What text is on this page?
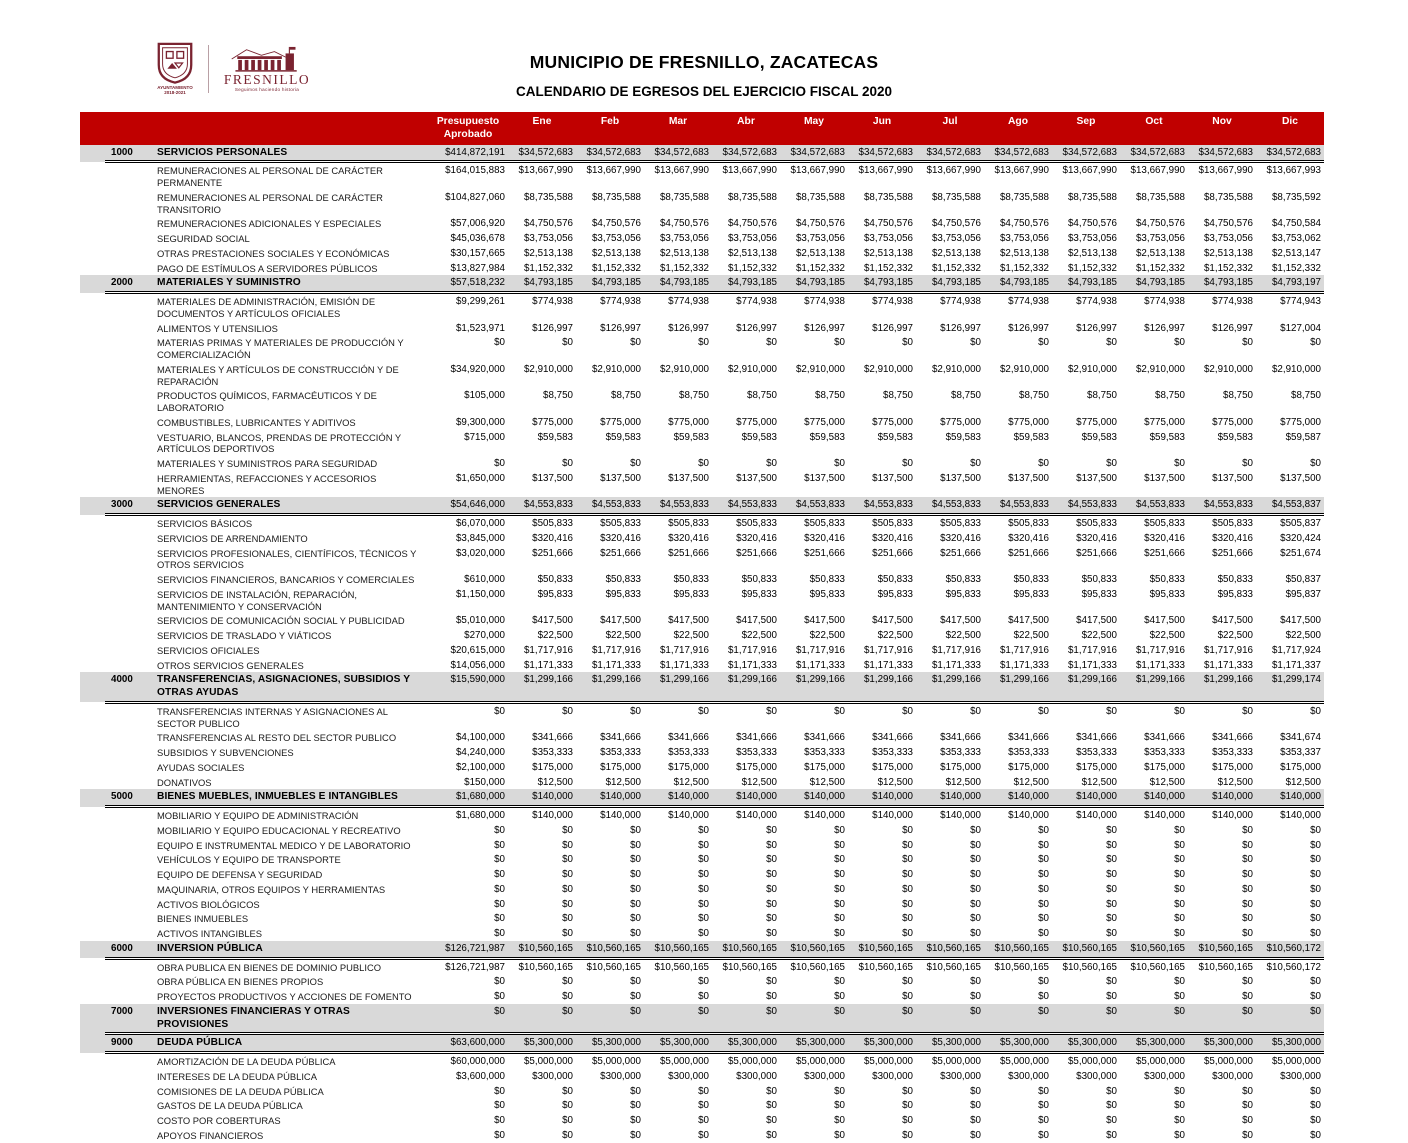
AYUNTAMIENTO
2018-2021
FRESNILLO
Seguimos haciendo historia
MUNICIPIO DE FRESNILLO, ZACATECAS
CALENDARIO DE EGRESOS DEL EJERCICIO FISCAL 2020
			Presupuesto Aprobado	Ene	Feb	Mar	Abr	May	Jun	Jul	Ago	Sep	Oct	Nov	Dic
	1000	SERVICIOS PERSONALES	$414,872,191	$34,572,683	$34,572,683	$34,572,683	$34,572,683	$34,572,683	$34,572,683	$34,572,683	$34,572,683	$34,572,683	$34,572,683	$34,572,683	$34,572,683
		REMUNERACIONES AL PERSONAL DE CARÁCTER PERMANENTE	$164,015,883	$13,667,990	$13,667,990	$13,667,990	$13,667,990	$13,667,990	$13,667,990	$13,667,990	$13,667,990	$13,667,990	$13,667,990	$13,667,990	$13,667,993
		REMUNERACIONES AL PERSONAL DE CARÁCTER TRANSITORIO	$104,827,060	$8,735,588	$8,735,588	$8,735,588	$8,735,588	$8,735,588	$8,735,588	$8,735,588	$8,735,588	$8,735,588	$8,735,588	$8,735,588	$8,735,592
		REMUNERACIONES ADICIONALES Y ESPECIALES	$57,006,920	$4,750,576	$4,750,576	$4,750,576	$4,750,576	$4,750,576	$4,750,576	$4,750,576	$4,750,576	$4,750,576	$4,750,576	$4,750,576	$4,750,584
		SEGURIDAD SOCIAL	$45,036,678	$3,753,056	$3,753,056	$3,753,056	$3,753,056	$3,753,056	$3,753,056	$3,753,056	$3,753,056	$3,753,056	$3,753,056	$3,753,056	$3,753,062
		OTRAS PRESTACIONES SOCIALES Y ECONÓMICAS	$30,157,665	$2,513,138	$2,513,138	$2,513,138	$2,513,138	$2,513,138	$2,513,138	$2,513,138	$2,513,138	$2,513,138	$2,513,138	$2,513,138	$2,513,147
		PAGO DE ESTÍMULOS A SERVIDORES PÚBLICOS	$13,827,984	$1,152,332	$1,152,332	$1,152,332	$1,152,332	$1,152,332	$1,152,332	$1,152,332	$1,152,332	$1,152,332	$1,152,332	$1,152,332	$1,152,332
	2000	MATERIALES Y SUMINISTRO	$57,518,232	$4,793,185	$4,793,185	$4,793,185	$4,793,185	$4,793,185	$4,793,185	$4,793,185	$4,793,185	$4,793,185	$4,793,185	$4,793,185	$4,793,197
		MATERIALES DE ADMINISTRACIÓN, EMISIÓN DE DOCUMENTOS Y ARTÍCULOS OFICIALES	$9,299,261	$774,938	$774,938	$774,938	$774,938	$774,938	$774,938	$774,938	$774,938	$774,938	$774,938	$774,938	$774,943
		ALIMENTOS Y UTENSILIOS	$1,523,971	$126,997	$126,997	$126,997	$126,997	$126,997	$126,997	$126,997	$126,997	$126,997	$126,997	$126,997	$127,004
		MATERIAS PRIMAS Y MATERIALES DE PRODUCCIÓN Y COMERCIALIZACIÓN	$0	$0	$0	$0	$0	$0	$0	$0	$0	$0	$0	$0	$0
		MATERIALES Y ARTÍCULOS DE CONSTRUCCIÓN Y DE REPARACIÓN	$34,920,000	$2,910,000	$2,910,000	$2,910,000	$2,910,000	$2,910,000	$2,910,000	$2,910,000	$2,910,000	$2,910,000	$2,910,000	$2,910,000	$2,910,000
		PRODUCTOS QUÍMICOS, FARMACÉUTICOS Y DE LABORATORIO	$105,000	$8,750	$8,750	$8,750	$8,750	$8,750	$8,750	$8,750	$8,750	$8,750	$8,750	$8,750	$8,750
		COMBUSTIBLES, LUBRICANTES Y ADITIVOS	$9,300,000	$775,000	$775,000	$775,000	$775,000	$775,000	$775,000	$775,000	$775,000	$775,000	$775,000	$775,000	$775,000
		VESTUARIO, BLANCOS, PRENDAS DE PROTECCIÓN Y ARTÍCULOS DEPORTIVOS	$715,000	$59,583	$59,583	$59,583	$59,583	$59,583	$59,583	$59,583	$59,583	$59,583	$59,583	$59,583	$59,587
		MATERIALES Y SUMINISTROS PARA SEGURIDAD	$0	$0	$0	$0	$0	$0	$0	$0	$0	$0	$0	$0	$0
		HERRAMIENTAS, REFACCIONES Y ACCESORIOS MENORES	$1,650,000	$137,500	$137,500	$137,500	$137,500	$137,500	$137,500	$137,500	$137,500	$137,500	$137,500	$137,500	$137,500
	3000	SERVICIOS GENERALES	$54,646,000	$4,553,833	$4,553,833	$4,553,833	$4,553,833	$4,553,833	$4,553,833	$4,553,833	$4,553,833	$4,553,833	$4,553,833	$4,553,833	$4,553,837
		SERVICIOS BÁSICOS	$6,070,000	$505,833	$505,833	$505,833	$505,833	$505,833	$505,833	$505,833	$505,833	$505,833	$505,833	$505,833	$505,837
		SERVICIOS DE ARRENDAMIENTO	$3,845,000	$320,416	$320,416	$320,416	$320,416	$320,416	$320,416	$320,416	$320,416	$320,416	$320,416	$320,416	$320,424
		SERVICIOS PROFESIONALES, CIENTÍFICOS, TÉCNICOS Y OTROS SERVICIOS	$3,020,000	$251,666	$251,666	$251,666	$251,666	$251,666	$251,666	$251,666	$251,666	$251,666	$251,666	$251,666	$251,674
		SERVICIOS FINANCIEROS, BANCARIOS Y COMERCIALES	$610,000	$50,833	$50,833	$50,833	$50,833	$50,833	$50,833	$50,833	$50,833	$50,833	$50,833	$50,833	$50,837
		SERVICIOS DE INSTALACIÓN, REPARACIÓN, MANTENIMIENTO Y CONSERVACIÓN	$1,150,000	$95,833	$95,833	$95,833	$95,833	$95,833	$95,833	$95,833	$95,833	$95,833	$95,833	$95,833	$95,837
		SERVICIOS DE COMUNICACIÓN SOCIAL Y PUBLICIDAD	$5,010,000	$417,500	$417,500	$417,500	$417,500	$417,500	$417,500	$417,500	$417,500	$417,500	$417,500	$417,500	$417,500
		SERVICIOS DE TRASLADO Y VIÁTICOS	$270,000	$22,500	$22,500	$22,500	$22,500	$22,500	$22,500	$22,500	$22,500	$22,500	$22,500	$22,500	$22,500
		SERVICIOS OFICIALES	$20,615,000	$1,717,916	$1,717,916	$1,717,916	$1,717,916	$1,717,916	$1,717,916	$1,717,916	$1,717,916	$1,717,916	$1,717,916	$1,717,916	$1,717,924
		OTROS SERVICIOS GENERALES	$14,056,000	$1,171,333	$1,171,333	$1,171,333	$1,171,333	$1,171,333	$1,171,333	$1,171,333	$1,171,333	$1,171,333	$1,171,333	$1,171,333	$1,171,337
	4000	TRANSFERENCIAS, ASIGNACIONES, SUBSIDIOS Y OTRAS AYUDAS	$15,590,000	$1,299,166	$1,299,166	$1,299,166	$1,299,166	$1,299,166	$1,299,166	$1,299,166	$1,299,166	$1,299,166	$1,299,166	$1,299,166	$1,299,174
		TRANSFERENCIAS INTERNAS Y ASIGNACIONES AL SECTOR PUBLICO	$0	$0	$0	$0	$0	$0	$0	$0	$0	$0	$0	$0	$0
		TRANSFERENCIAS AL RESTO DEL SECTOR PUBLICO	$4,100,000	$341,666	$341,666	$341,666	$341,666	$341,666	$341,666	$341,666	$341,666	$341,666	$341,666	$341,666	$341,674
		SUBSIDIOS Y SUBVENCIONES	$4,240,000	$353,333	$353,333	$353,333	$353,333	$353,333	$353,333	$353,333	$353,333	$353,333	$353,333	$353,333	$353,337
		AYUDAS SOCIALES	$2,100,000	$175,000	$175,000	$175,000	$175,000	$175,000	$175,000	$175,000	$175,000	$175,000	$175,000	$175,000	$175,000
		DONATIVOS	$150,000	$12,500	$12,500	$12,500	$12,500	$12,500	$12,500	$12,500	$12,500	$12,500	$12,500	$12,500	$12,500
	5000	BIENES MUEBLES, INMUEBLES E INTANGIBLES	$1,680,000	$140,000	$140,000	$140,000	$140,000	$140,000	$140,000	$140,000	$140,000	$140,000	$140,000	$140,000	$140,000
		MOBILIARIO Y EQUIPO DE ADMINISTRACIÓN	$1,680,000	$140,000	$140,000	$140,000	$140,000	$140,000	$140,000	$140,000	$140,000	$140,000	$140,000	$140,000	$140,000
		MOBILIARIO Y EQUIPO EDUCACIONAL Y RECREATIVO	$0	$0	$0	$0	$0	$0	$0	$0	$0	$0	$0	$0	$0
		EQUIPO E INSTRUMENTAL MEDICO Y DE LABORATORIO	$0	$0	$0	$0	$0	$0	$0	$0	$0	$0	$0	$0	$0
		VEHÍCULOS Y EQUIPO DE TRANSPORTE	$0	$0	$0	$0	$0	$0	$0	$0	$0	$0	$0	$0	$0
		EQUIPO DE DEFENSA Y SEGURIDAD	$0	$0	$0	$0	$0	$0	$0	$0	$0	$0	$0	$0	$0
		MAQUINARIA, OTROS EQUIPOS Y HERRAMIENTAS	$0	$0	$0	$0	$0	$0	$0	$0	$0	$0	$0	$0	$0
		ACTIVOS BIOLÓGICOS	$0	$0	$0	$0	$0	$0	$0	$0	$0	$0	$0	$0	$0
		BIENES INMUEBLES	$0	$0	$0	$0	$0	$0	$0	$0	$0	$0	$0	$0	$0
		ACTIVOS INTANGIBLES	$0	$0	$0	$0	$0	$0	$0	$0	$0	$0	$0	$0	$0
	6000	INVERSION PÚBLICA	$126,721,987	$10,560,165	$10,560,165	$10,560,165	$10,560,165	$10,560,165	$10,560,165	$10,560,165	$10,560,165	$10,560,165	$10,560,165	$10,560,165	$10,560,172
		OBRA PUBLICA EN BIENES DE DOMINIO PUBLICO	$126,721,987	$10,560,165	$10,560,165	$10,560,165	$10,560,165	$10,560,165	$10,560,165	$10,560,165	$10,560,165	$10,560,165	$10,560,165	$10,560,165	$10,560,172
		OBRA PÚBLICA EN BIENES PROPIOS	$0	$0	$0	$0	$0	$0	$0	$0	$0	$0	$0	$0	$0
		PROYECTOS PRODUCTIVOS Y ACCIONES DE FOMENTO	$0	$0	$0	$0	$0	$0	$0	$0	$0	$0	$0	$0	$0
	7000	INVERSIONES FINANCIERAS Y OTRAS PROVISIONES	$0	$0	$0	$0	$0	$0	$0	$0	$0	$0	$0	$0	$0
	9000	DEUDA PÚBLICA	$63,600,000	$5,300,000	$5,300,000	$5,300,000	$5,300,000	$5,300,000	$5,300,000	$5,300,000	$5,300,000	$5,300,000	$5,300,000	$5,300,000	$5,300,000
		AMORTIZACIÓN DE LA DEUDA PÚBLICA	$60,000,000	$5,000,000	$5,000,000	$5,000,000	$5,000,000	$5,000,000	$5,000,000	$5,000,000	$5,000,000	$5,000,000	$5,000,000	$5,000,000	$5,000,000
		INTERESES DE LA DEUDA PÚBLICA	$3,600,000	$300,000	$300,000	$300,000	$300,000	$300,000	$300,000	$300,000	$300,000	$300,000	$300,000	$300,000	$300,000
		COMISIONES DE LA DEUDA PÚBLICA	$0	$0	$0	$0	$0	$0	$0	$0	$0	$0	$0	$0	$0
		GASTOS DE LA DEUDA PÚBLICA	$0	$0	$0	$0	$0	$0	$0	$0	$0	$0	$0	$0	$0
		COSTO POR COBERTURAS	$0	$0	$0	$0	$0	$0	$0	$0	$0	$0	$0	$0	$0
		APOYOS FINANCIEROS	$0	$0	$0	$0	$0	$0	$0	$0	$0	$0	$0	$0	$0
